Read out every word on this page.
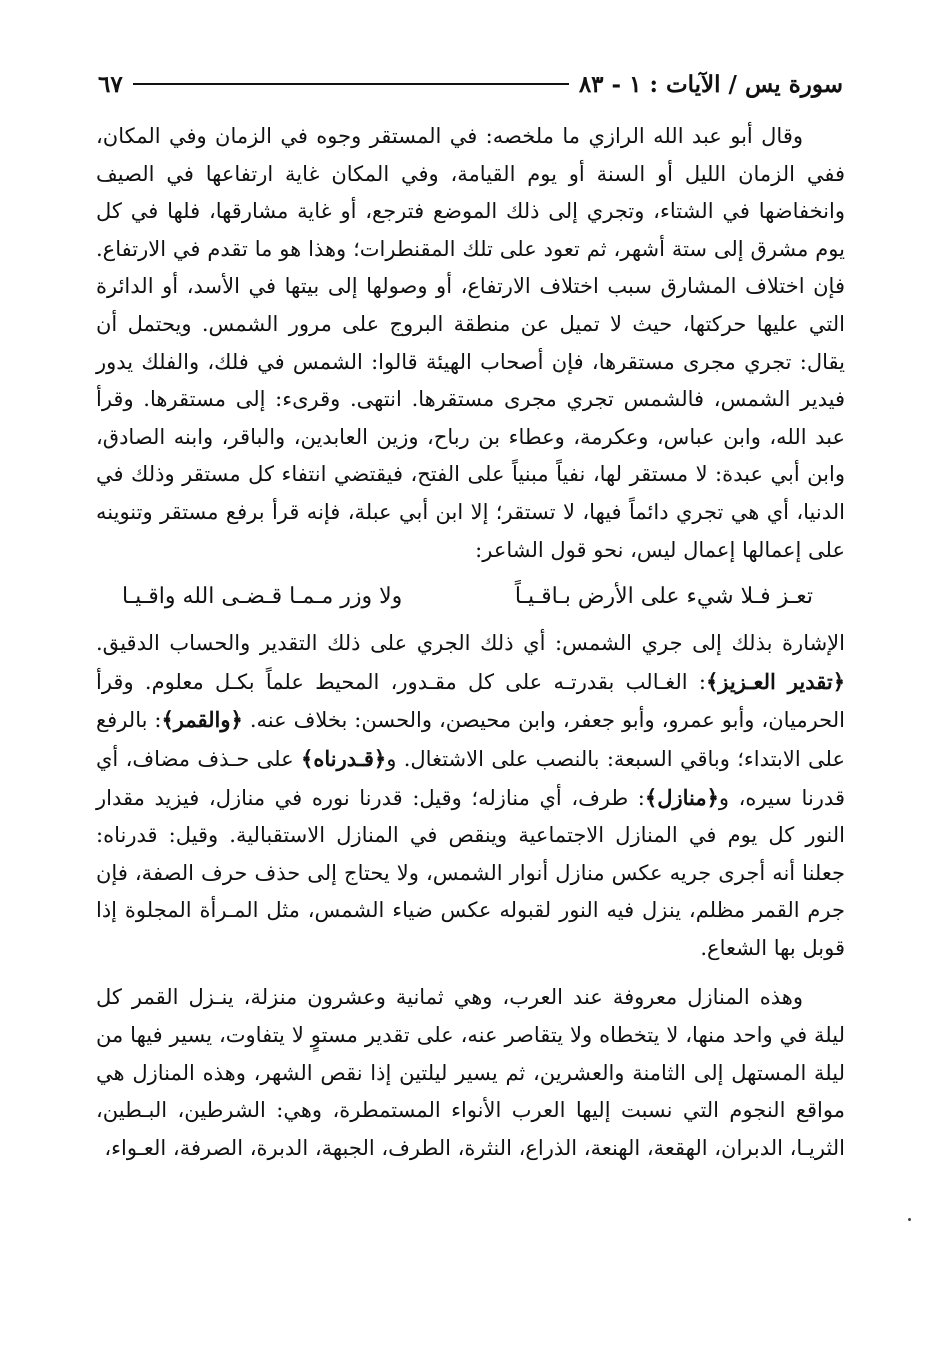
سورة يس / الآيات : ١ - ٨٣
٦٧

وقال أبو عبد الله الرازي ما ملخصه: في المستقر وجوه في الزمان وفي المكان، ففي الزمان الليل أو السنة أو يوم القيامة، وفي المكان غاية ارتفاعها في الصيف وانخفاضها في الشتاء، وتجري إلى ذلك الموضع فترجع، أو غاية مشارقها، فلها في كل يوم مشرق إلى ستة أشهر، ثم تعود على تلك المقنطرات؛ وهذا هو ما تقدم في الارتفاع. فإن اختلاف المشارق سبب اختلاف الارتفاع، أو وصولها إلى بيتها في الأسد، أو الدائرة التي عليها حركتها، حيث لا تميل عن منطقة البروج على مرور الشمس. ويحتمل أن يقال: تجري مجرى مستقرها، فإن أصحاب الهيئة قالوا: الشمس في فلك، والفلك يدور فيدير الشمس، فالشمس تجري مجرى مستقرها. انتهى. وقرىء: إلى مستقرها. وقرأ عبد الله، وابن عباس، وعكرمة، وعطاء بن رباح، وزين العابدين، والباقر، وابنه الصادق، وابن أبي عبدة: لا مستقر لها، نفياً مبنياً على الفتح، فيقتضي انتفاء كل مستقر وذلك في الدنيا، أي هي تجري دائماً فيها، لا تستقر؛ إلا ابن أبي عبلة، فإنه قرأ برفع مستقر وتنوينه على إعمالها إعمال ليس، نحو قول الشاعر:

تعـز فـلا شيء على الأرض بـاقـيـاً
ولا وزر مـمـا قـضـى الله واقـيـا

الإشارة بذلك إلى جري الشمس: أي ذلك الجري على ذلك التقدير والحساب الدقيق. ﴿تقدير العـزيز﴾: الغـالب بقدرتـه على كل مقـدور، المحيط علماً بكـل معلوم. وقرأ الحرميان، وأبو عمرو، وأبو جعفر، وابن محيصن، والحسن: بخلاف عنه. ﴿والقمر﴾: بالرفع على الابتداء؛ وباقي السبعة: بالنصب على الاشتغال. و﴿قـدرناه﴾ على حـذف مضاف، أي قدرنا سيره، و﴿منازل﴾: طرف، أي منازله؛ وقيل: قدرنا نوره في منازل، فيزيد مقدار النور كل يوم في المنازل الاجتماعية وينقص في المنازل الاستقبالية. وقيل: قدرناه: جعلنا أنه أجرى جريه عكس منازل أنوار الشمس، ولا يحتاج إلى حذف حرف الصفة، فإن جرم القمر مظلم، ينزل فيه النور لقبوله عكس ضياء الشمس، مثل المـرأة المجلوة إذا قوبل بها الشعاع.

وهذه المنازل معروفة عند العرب، وهي ثمانية وعشرون منزلة، ينـزل القمر كل ليلة في واحد منها، لا يتخطاه ولا يتقاصر عنه، على تقدير مستوٍ لا يتفاوت، يسير فيها من ليلة المستهل إلى الثامنة والعشرين، ثم يسير ليلتين إذا نقص الشهر، وهذه المنازل هي مواقع النجوم التي نسبت إليها العرب الأنواء المستمطرة، وهي: الشرطين، البـطين، الثريـا، الدبران، الهقعة، الهنعة، الذراع، النثرة، الطرف، الجبهة، الدبرة، الصرفة، العـواء،
